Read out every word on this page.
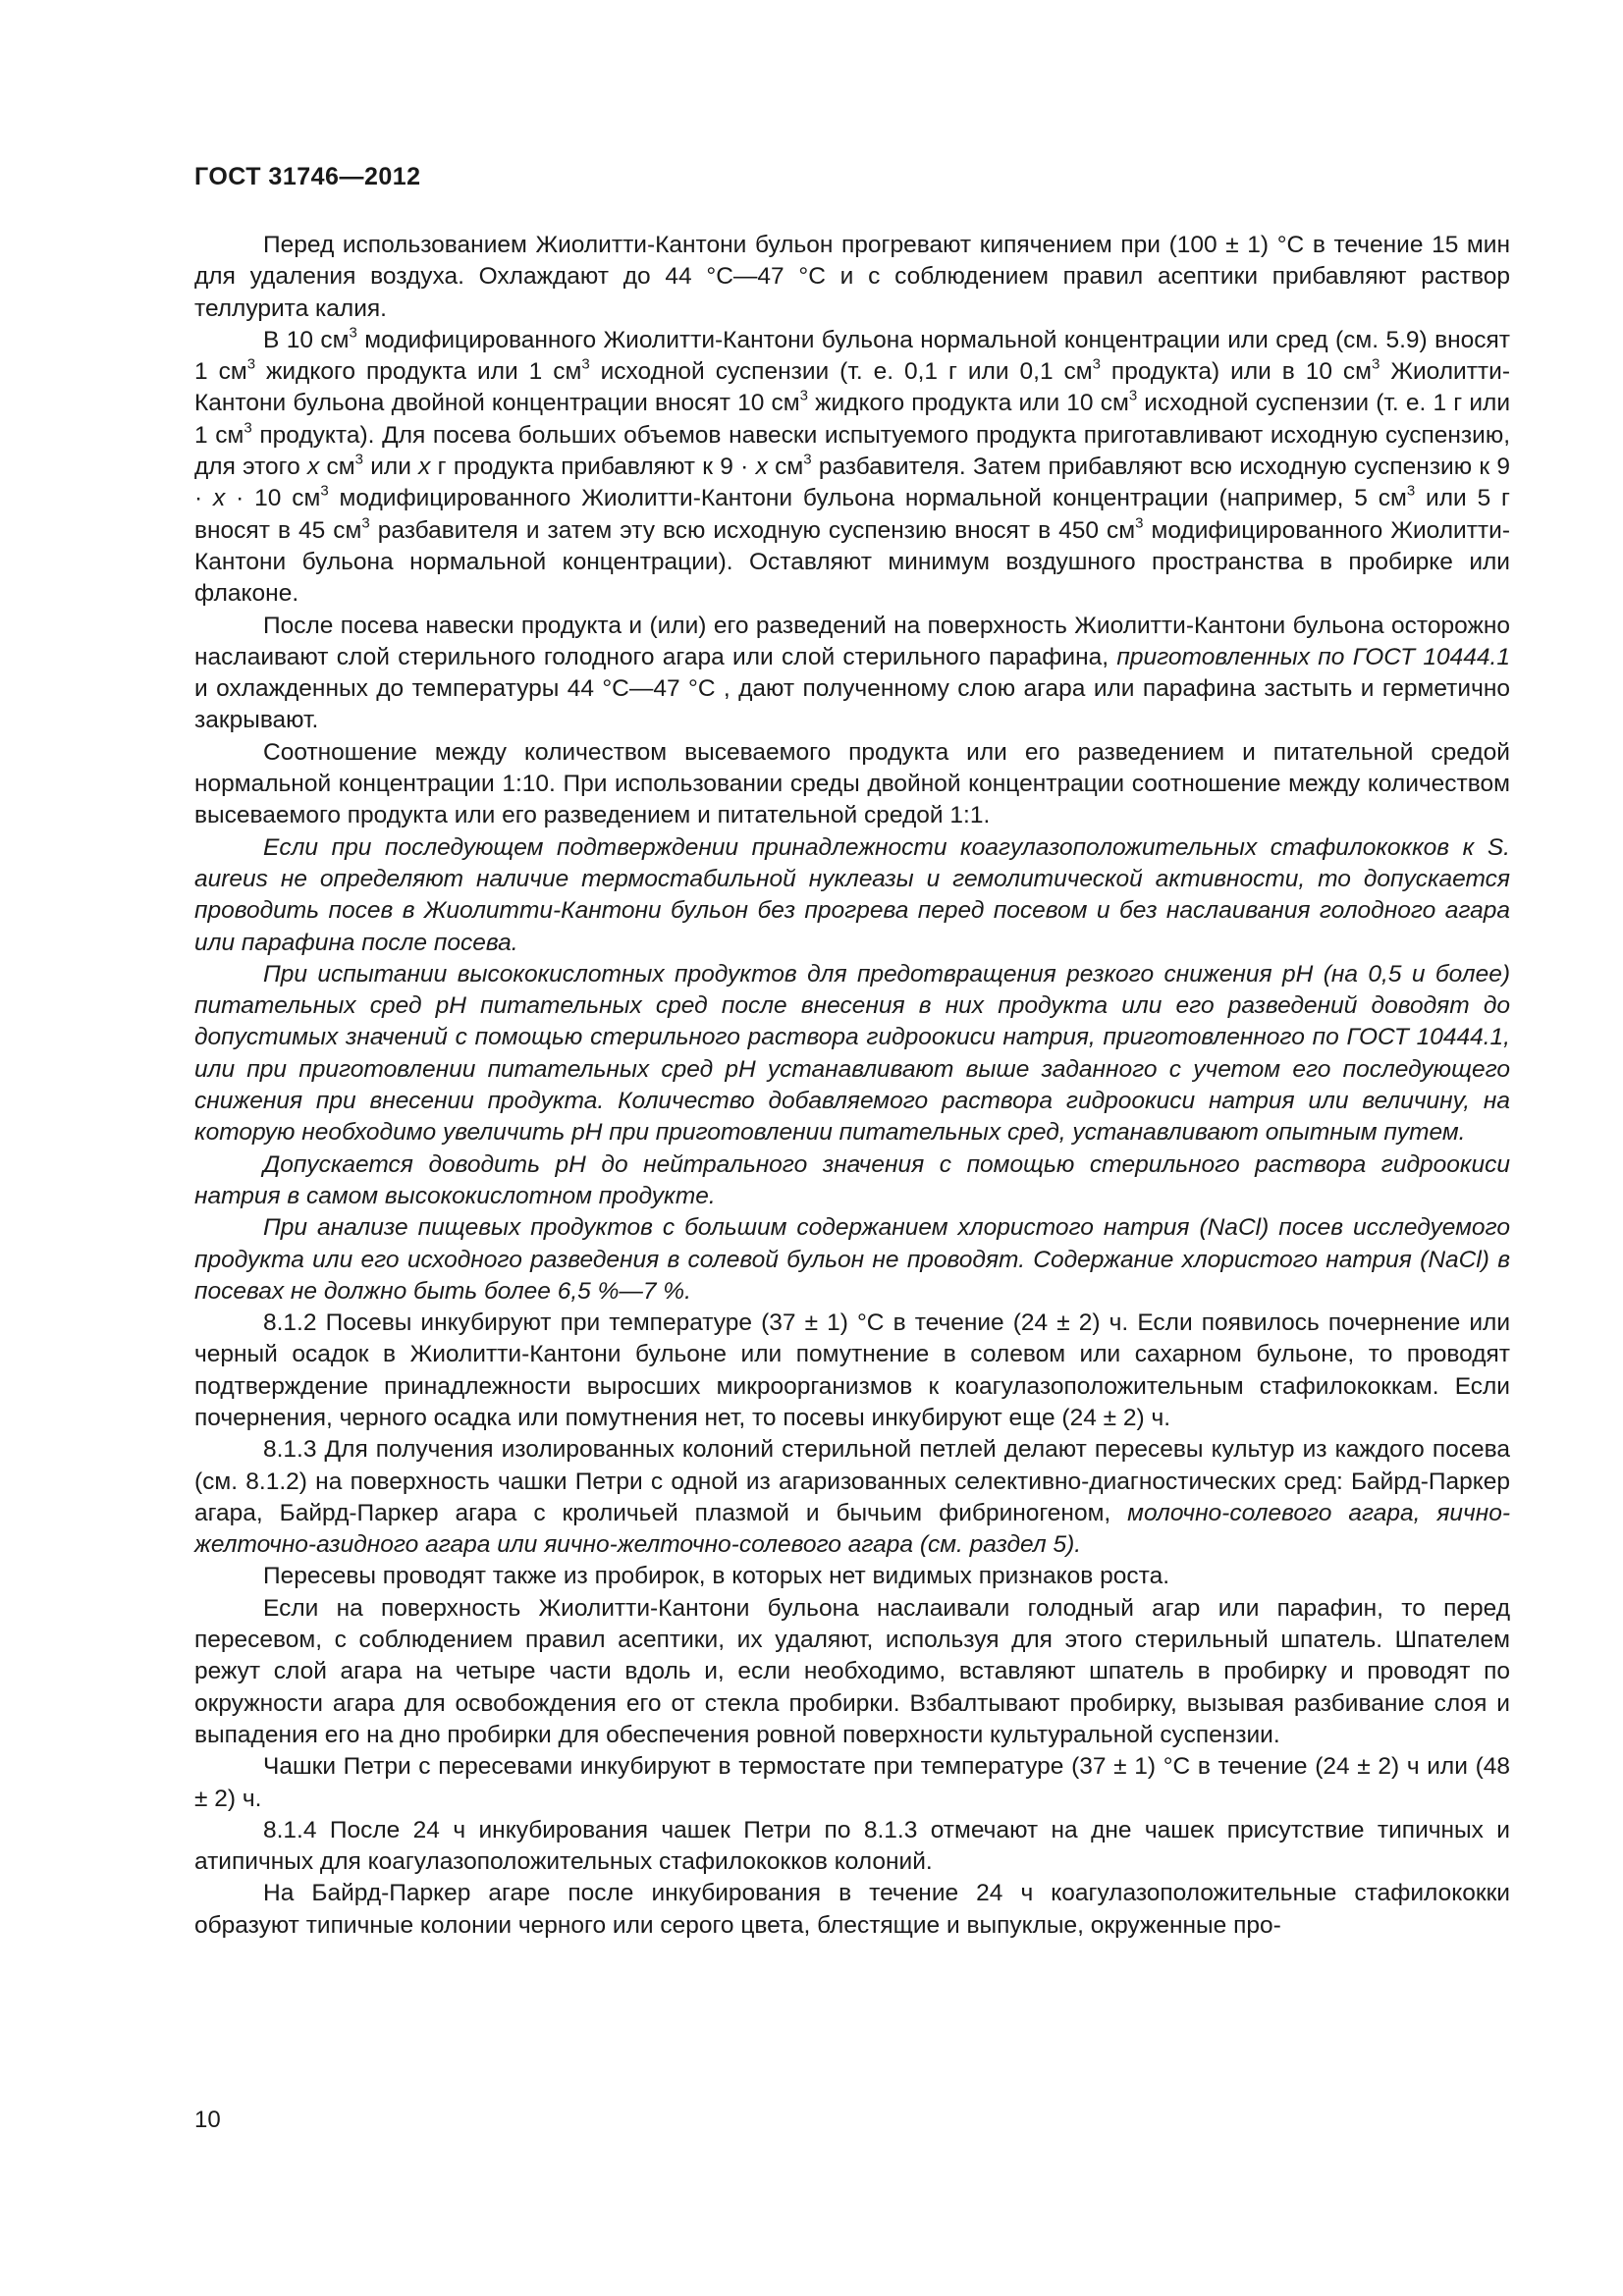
ГОСТ 31746—2012

Перед использованием Жиолитти-Кантони бульон прогревают кипячением при (100 ± 1) °С в течение 15 мин для удаления воздуха. Охлаждают до 44 °С—47 °С и с соблюдением правил асептики прибавляют раствор теллурита калия.

В 10 $см^3$ модифицированного Жиолитти-Кантони бульона нормальной концентрации или сред (см. 5.9) вносят 1 $см^3$ жидкого продукта или 1 $см^3$ исходной суспензии (т. е. 0,1 г или 0,1 $см^3$ продукта) или в 10 $см^3$ Жиолитти-Кантони бульона двойной концентрации вносят 10 $см^3$ жидкого продукта или 10 $см^3$ исходной суспензии (т. е. 1 г или 1 $см^3$ продукта). Для посева больших объемов навески испытуемого продукта приготавливают исходную суспензию, для этого х $см^3$ или х г продукта прибавляют к 9 · х $см^3$ разбавителя. Затем прибавляют всю исходную суспензию к 9 · х · 10 $см^3$ модифицированного Жиолитти-Кантони бульона нормальной концентрации (например, 5 $см^3$ или 5 г вносят в 45 $см^3$ разбавителя и затем эту всю исходную суспензию вносят в 450 $см^3$ модифицированного Жиолитти-Кантони бульона нормальной концентрации). Оставляют минимум воздушного пространства в пробирке или флаконе.

После посева навески продукта и (или) его разведений на поверхность Жиолитти-Кантони бульона осторожно наслаивают слой стерильного голодного агара или слой стерильного парафина, приготовленных по ГОСТ 10444.1 и охлажденных до температуры 44 °С—47 °С , дают полученному слою агара или парафина застыть и герметично закрывают.

Соотношение между количеством высеваемого продукта или его разведением и питательной средой нормальной концентрации 1:10. При использовании среды двойной концентрации соотношение между количеством высеваемого продукта или его разведением и питательной средой 1:1.

Если при последующем подтверждении принадлежности коагулазоположительных стафилококков к S. aureus не определяют наличие термостабильной нуклеазы и гемолитической активности, то допускается проводить посев в Жиолитти-Кантони бульон без прогрева перед посевом и без наслаивания голодного агара или парафина после посева.

При испытании высококислотных продуктов для предотвращения резкого снижения рН (на 0,5 и более) питательных сред рН питательных сред после внесения в них продукта или его разведений доводят до допустимых значений с помощью стерильного раствора гидроокиси натрия, приготовленного по ГОСТ 10444.1, или при приготовлении питательных сред рН устанавливают выше заданного с учетом его последующего снижения при внесении продукта. Количество добавляемого раствора гидроокиси натрия или величину, на которую необходимо увеличить рН при приготовлении питательных сред, устанавливают опытным путем.

Допускается доводить рН до нейтрального значения с помощью стерильного раствора гидроокиси натрия в самом высококислотном продукте.

При анализе пищевых продуктов с большим содержанием хлористого натрия (NaCl) посев исследуемого продукта или его исходного разведения в солевой бульон не проводят. Содержание хлористого натрия (NaCl) в посевах не должно быть более 6,5 %—7 %.

8.1.2 Посевы инкубируют при температуре (37 ± 1) °С в течение (24 ± 2) ч. Если появилось почернение или черный осадок в Жиолитти-Кантони бульоне или помутнение в солевом или сахарном бульоне, то проводят подтверждение принадлежности выросших микроорганизмов к коагулазоположительным стафилококкам. Если почернения, черного осадка или помутнения нет, то посевы инкубируют еще (24 ± 2) ч.

8.1.3 Для получения изолированных колоний стерильной петлей делают пересевы культур из каждого посева (см. 8.1.2) на поверхность чашки Петри с одной из агаризованных селективно-диагностических сред: Байрд-Паркер агара, Байрд-Паркер агара с кроличьей плазмой и бычьим фибриногеном, молочно-солевого агара, яично-желточно-азидного агара или яично-желточно-солевого агара (см. раздел 5).

Пересевы проводят также из пробирок, в которых нет видимых признаков роста.

Если на поверхность Жиолитти-Кантони бульона наслаивали голодный агар или парафин, то перед пересевом, с соблюдением правил асептики, их удаляют, используя для этого стерильный шпатель. Шпателем режут слой агара на четыре части вдоль и, если необходимо, вставляют шпатель в пробирку и проводят по окружности агара для освобождения его от стекла пробирки. Взбалтывают пробирку, вызывая разбивание слоя и выпадения его на дно пробирки для обеспечения ровной поверхности культуральной суспензии.

Чашки Петри с пересевами инкубируют в термостате при температуре (37 ± 1) °С в течение (24 ± 2) ч или (48 ± 2) ч.

8.1.4 После 24 ч инкубирования чашек Петри по 8.1.3 отмечают на дне чашек присутствие типичных и атипичных для коагулазоположительных стафилококков колоний.

На Байрд-Паркер агаре после инкубирования в течение 24 ч коагулазоположительные стафилококки образуют типичные колонии черного или серого цвета, блестящие и выпуклые, окруженные про-

10
